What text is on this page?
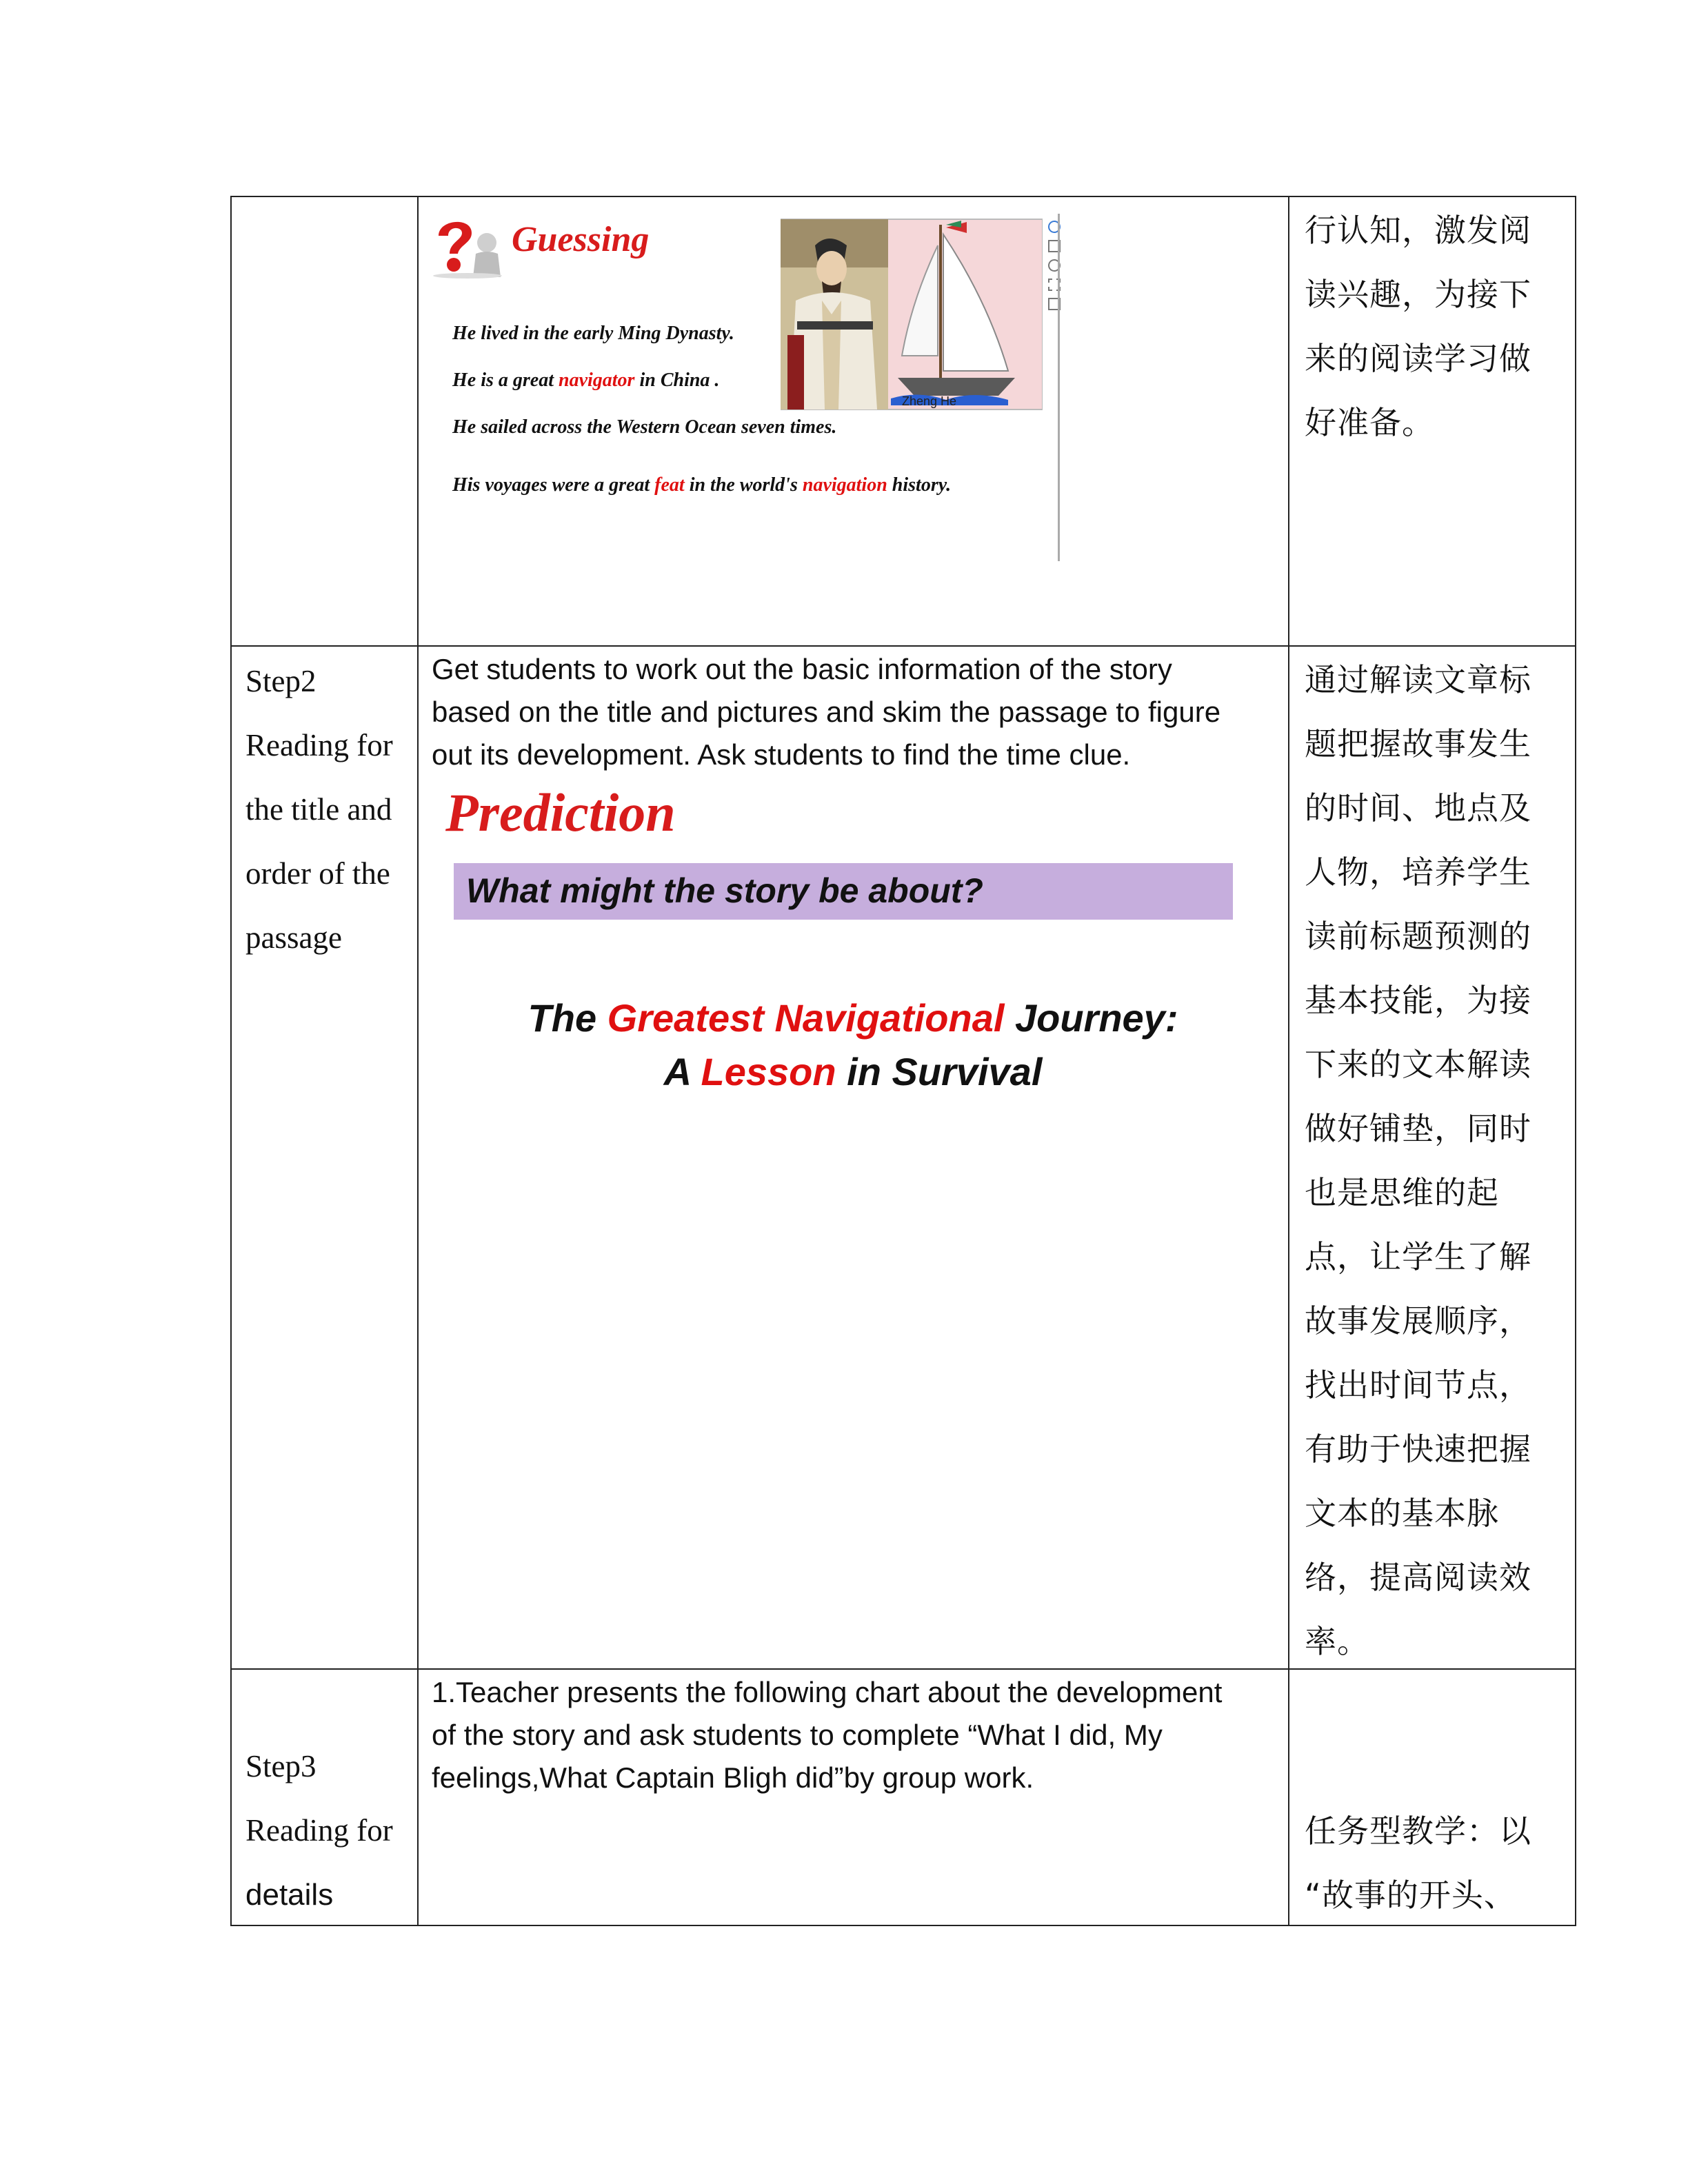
Guessing
He lived in the early Ming Dynasty.
He is a great navigator in China .
He sailed across the Western Ocean seven times.
His voyages were a great feat in the world's navigation history.
Zheng He
行认知，激发阅
读兴趣，为接下
来的阅读学习做
好准备。
Step2
Reading for
the title and
order of the
passage
Get students to work out the basic information of the story
based on the title and pictures and skim the passage to figure
out its development. Ask students to find the time clue.
Prediction
What might the story be about?
The Greatest Navigational Journey:
A Lesson in Survival
通过解读文章标
题把握故事发生
的时间、地点及
人物，培养学生
读前标题预测的
基本技能，为接
下来的文本解读
做好铺垫，同时
也是思维的起
点，让学生了解
故事发展顺序，
找出时间节点，
有助于快速把握
文本的基本脉
络，提高阅读效
率。
Step3
Reading for
details
1.Teacher presents the following chart about the development
of the story and ask students to complete “What I did, My
feelings,What Captain Bligh did”by group work.
任务型教学：以
“故事的开头、
